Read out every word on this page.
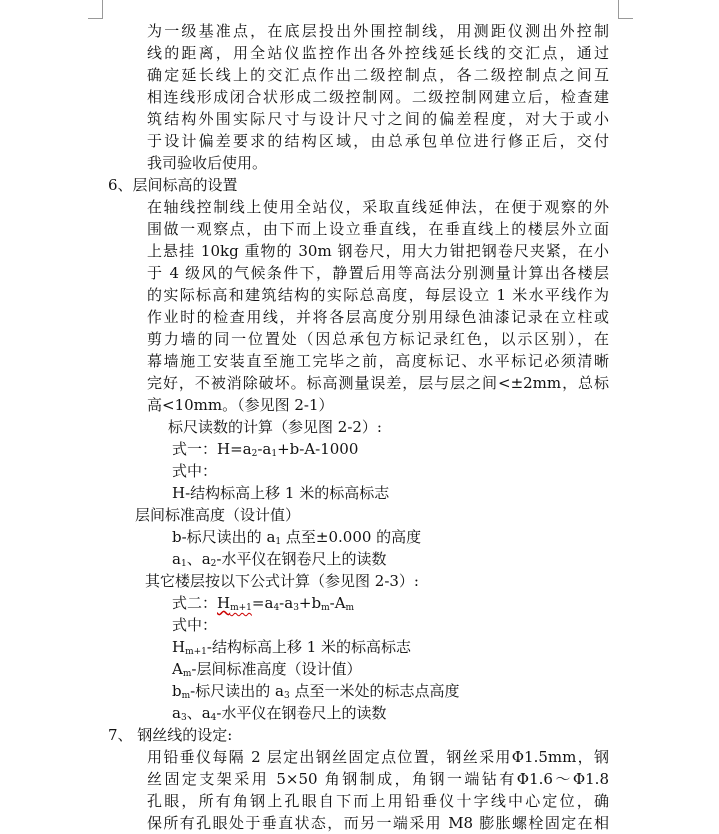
为一级基准点，在底层投出外围控制线，用测距仪测出外控制
线的距离，用全站仪监控作出各外控线延长线的交汇点，通过
确定延长线上的交汇点作出二级控制点，各二级控制点之间互
相连线形成闭合状形成二级控制网。二级控制网建立后，检查建
筑结构外围实际尺寸与设计尺寸之间的偏差程度，对大于或小
于设计偏差要求的结构区域，由总承包单位进行修正后，交付
我司验收后使用。
6、层间标高的设置
在轴线控制线上使用全站仪，采取直线延伸法，在便于观察的外
围做一观察点，由下而上设立垂直线，在垂直线上的楼层外立面
上悬挂 10kg 重物的 30m 钢卷尺，用大力钳把钢卷尺夹紧，在小
于 4 级风的气候条件下，静置后用等高法分别测量计算出各楼层
的实际标高和建筑结构的实际总高度，每层设立 1 米水平线作为
作业时的检查用线，并将各层高度分别用绿色油漆记录在立柱或
剪力墙的同一位置处（因总承包方标记录红色，以示区别），在
幕墙施工安装直至施工完毕之前，高度标记、水平标记必须清晰
完好，不被消除破坏。标高测量误差，层与层之间<±2mm，总标
高<10mm。（参见图 2-1）
标尺读数的计算（参见图 2-2）:
式一：$H=a_2-a_1+b-A-1000$
式中：
H-结构标高上移 1 米的标高标志
层间标准高度（设计值）
b-标尺读出的 $a_1$ 点至±0.000 的高度
$a_1$、$a_2-$水平仪在钢卷尺上的读数
其它楼层按以下公式计算（参见图 2-3）:
式二：$H_{m+1}=a_4-a_3+b_m-A_m$
式中：
$H_{m+1}-$结构标高上移 1 米的标高标志
$A_m-$层间标准高度（设计值）
$b_m-$标尺读出的 $a_3$ 点至一米处的标志点高度
$a_3$、$a_4-$水平仪在钢卷尺上的读数
7、 钢丝线的设定:
用铅垂仪每隔 2 层定出钢丝固定点位置，钢丝采用Φ1.5mm，钢
丝固定支架采用 5×50 角钢制成，角钢一端钻有Φ1.6～Φ1.8
孔眼，所有角钢上孔眼自下而上用铅垂仪十字线中心定位，确
保所有孔眼处于垂直状态，而另一端采用 M8 膨胀螺栓固定在相
